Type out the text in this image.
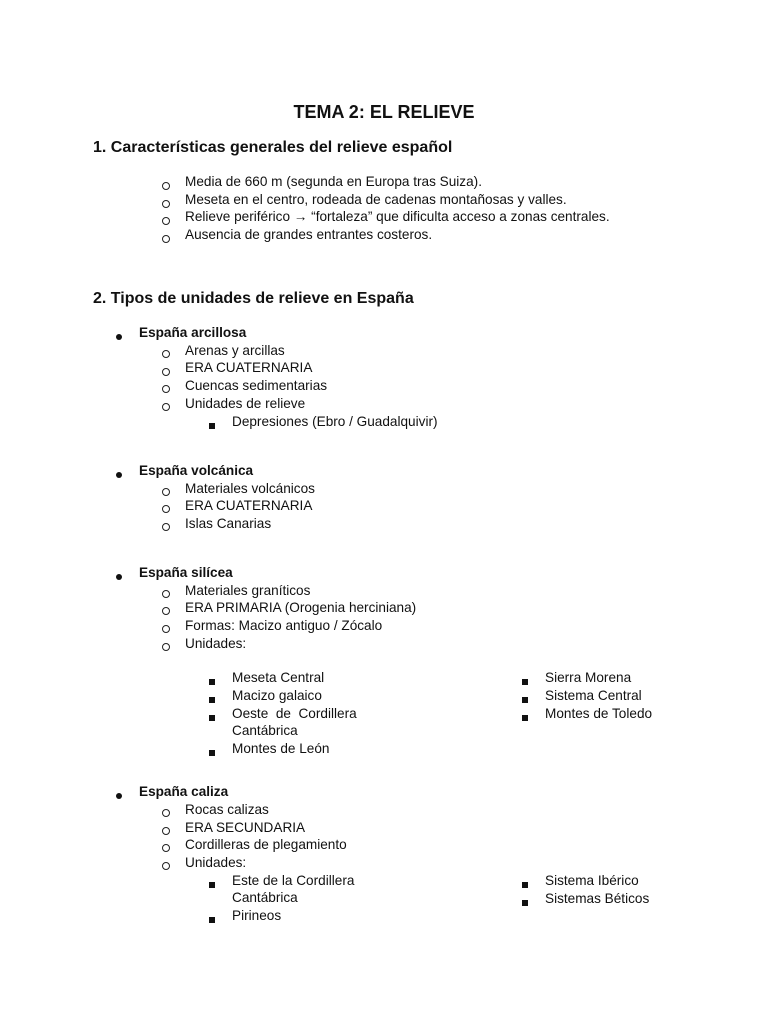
TEMA 2: EL RELIEVE
1. Características generales del relieve español
Media de 660 m (segunda en Europa tras Suiza).
Meseta en el centro, rodeada de cadenas montañosas y valles.
Relieve periférico → “fortaleza” que dificulta acceso a zonas centrales.
Ausencia de grandes entrantes costeros.
2. Tipos de unidades de relieve en España
España arcillosa
Arenas y arcillas
ERA CUATERNARIA
Cuencas sedimentarias
Unidades de relieve
Depresiones (Ebro / Guadalquivir)
España volcánica
Materiales volcánicos
ERA CUATERNARIA
Islas Canarias
España silícea
Materiales graníticos
ERA PRIMARIA (Orogenia herciniana)
Formas: Macizo antiguo / Zócalo
Unidades:
Meseta Central
Macizo galaico
Oeste  de  Cordillera
Cantábrica
Montes de León
Sierra Morena
Sistema Central
Montes de Toledo
España caliza
Rocas calizas
ERA SECUNDARIA
Cordilleras de plegamiento
Unidades:
Este de la Cordillera
Cantábrica
Pirineos
Sistema Ibérico
Sistemas Béticos
